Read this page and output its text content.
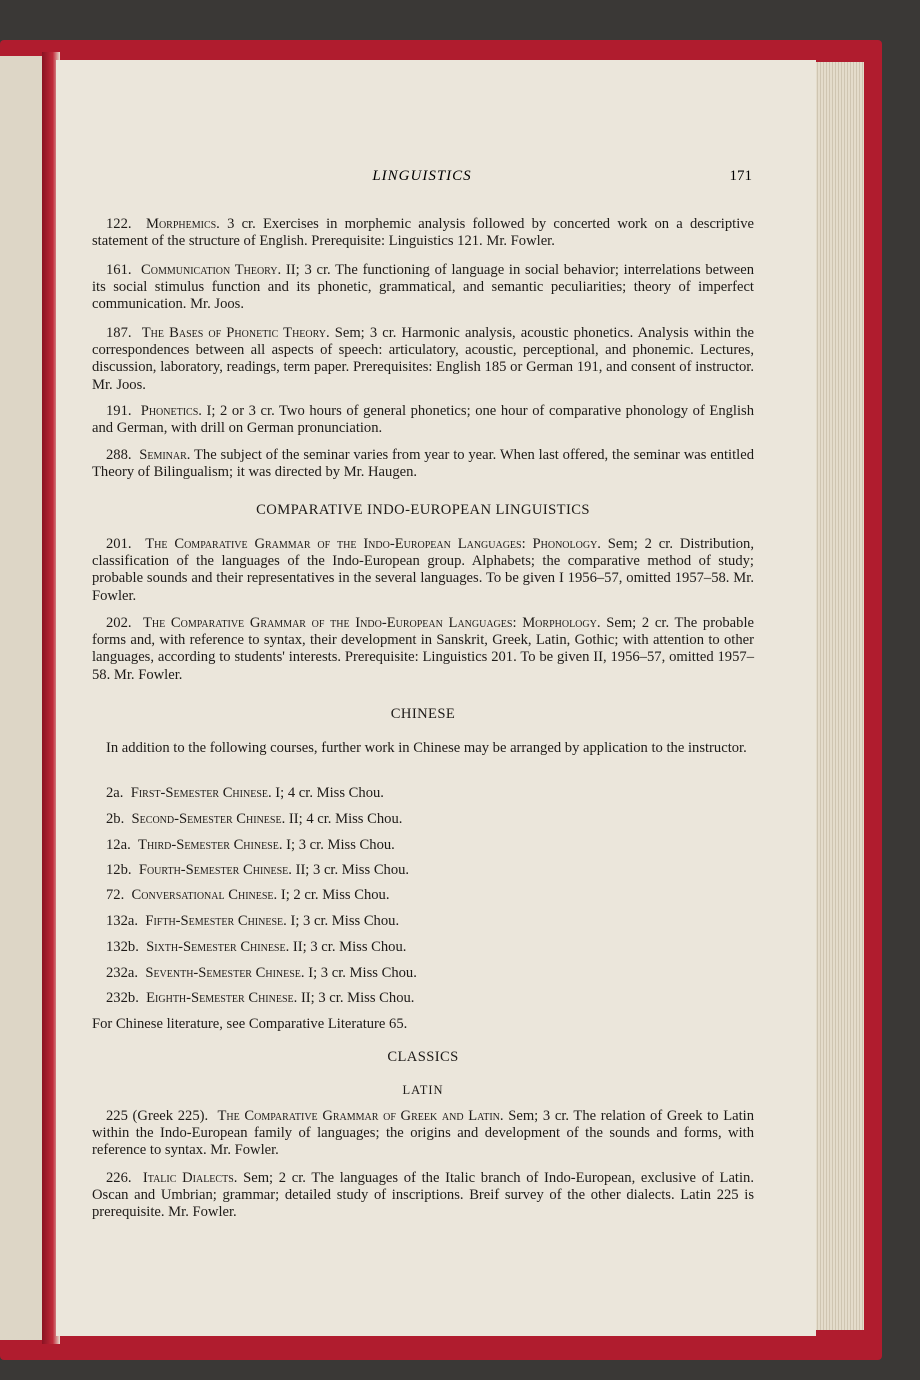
LINGUISTICS	171
122. Morphemics. 3 cr. Exercises in morphemic analysis followed by concerted work on a descriptive statement of the structure of English. Prerequisite: Linguistics 121. Mr. Fowler.
161. Communication Theory. II; 3 cr. The functioning of language in social behavior; interrelations between its social stimulus function and its phonetic, grammatical, and semantic peculiarities; theory of imperfect communication. Mr. Joos.
187. The Bases of Phonetic Theory. Sem; 3 cr. Harmonic analysis, acoustic phonetics. Analysis within the correspondences between all aspects of speech: articulatory, acoustic, perceptional, and phonemic. Lectures, discussion, laboratory, readings, term paper. Prerequisites: English 185 or German 191, and consent of instructor. Mr. Joos.
191. Phonetics. I; 2 or 3 cr. Two hours of general phonetics; one hour of comparative phonology of English and German, with drill on German pronunciation.
288. Seminar. The subject of the seminar varies from year to year. When last offered, the seminar was entitled Theory of Bilingualism; it was directed by Mr. Haugen.
COMPARATIVE INDO-EUROPEAN LINGUISTICS
201. The Comparative Grammar of the Indo-European Languages: Phonology. Sem; 2 cr. Distribution, classification of the languages of the Indo-European group. Alphabets; the comparative method of study; probable sounds and their representatives in the several languages. To be given I 1956–57, omitted 1957–58. Mr. Fowler.
202. The Comparative Grammar of the Indo-European Languages: Morphology. Sem; 2 cr. The probable forms and, with reference to syntax, their development in Sanskrit, Greek, Latin, Gothic; with attention to other languages, according to students' interests. Prerequisite: Linguistics 201. To be given II, 1956–57, omitted 1957–58. Mr. Fowler.
CHINESE
In addition to the following courses, further work in Chinese may be arranged by application to the instructor.
2a. First-Semester Chinese. I; 4 cr. Miss Chou.
2b. Second-Semester Chinese. II; 4 cr. Miss Chou.
12a. Third-Semester Chinese. I; 3 cr. Miss Chou.
12b. Fourth-Semester Chinese. II; 3 cr. Miss Chou.
72. Conversational Chinese. I; 2 cr. Miss Chou.
132a. Fifth-Semester Chinese. I; 3 cr. Miss Chou.
132b. Sixth-Semester Chinese. II; 3 cr. Miss Chou.
232a. Seventh-Semester Chinese. I; 3 cr. Miss Chou.
232b. Eighth-Semester Chinese. II; 3 cr. Miss Chou.
For Chinese literature, see Comparative Literature 65.
CLASSICS
LATIN
225 (Greek 225). The Comparative Grammar of Greek and Latin. Sem; 3 cr. The relation of Greek to Latin within the Indo-European family of languages; the origins and development of the sounds and forms, with reference to syntax. Mr. Fowler.
226. Italic Dialects. Sem; 2 cr. The languages of the Italic branch of Indo-European, exclusive of Latin. Oscan and Umbrian; grammar; detailed study of inscriptions. Breif survey of the other dialects. Latin 225 is prerequisite. Mr. Fowler.
